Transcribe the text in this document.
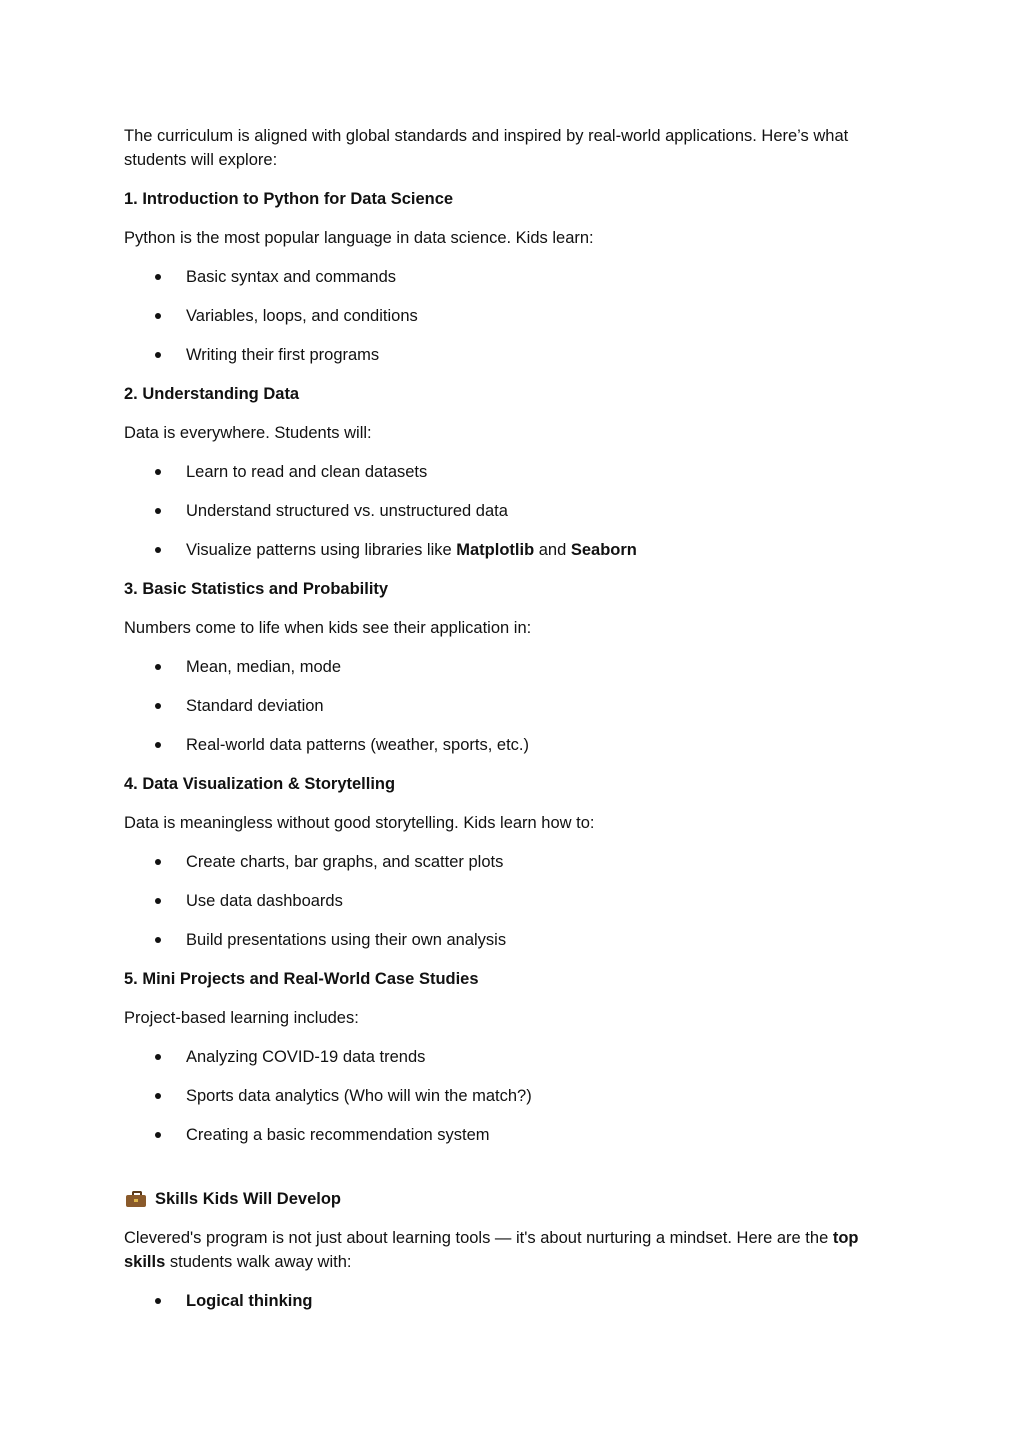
The curriculum is aligned with global standards and inspired by real-world applications. Here’s what students will explore:

1. Introduction to Python for Data Science

Python is the most popular language in data science. Kids learn:

Basic syntax and commands
Variables, loops, and conditions
Writing their first programs

2. Understanding Data

Data is everywhere. Students will:

Learn to read and clean datasets
Understand structured vs. unstructured data
Visualize patterns using libraries like Matplotlib and Seaborn

3. Basic Statistics and Probability

Numbers come to life when kids see their application in:

Mean, median, mode
Standard deviation
Real-world data patterns (weather, sports, etc.)

4. Data Visualization & Storytelling

Data is meaningless without good storytelling. Kids learn how to:

Create charts, bar graphs, and scatter plots
Use data dashboards
Build presentations using their own analysis

5. Mini Projects and Real-World Case Studies

Project-based learning includes:

Analyzing COVID-19 data trends
Sports data analytics (Who will win the match?)
Creating a basic recommendation system

Skills Kids Will Develop

Clevered's program is not just about learning tools — it's about nurturing a mindset. Here are the top skills students walk away with:

Logical thinking
